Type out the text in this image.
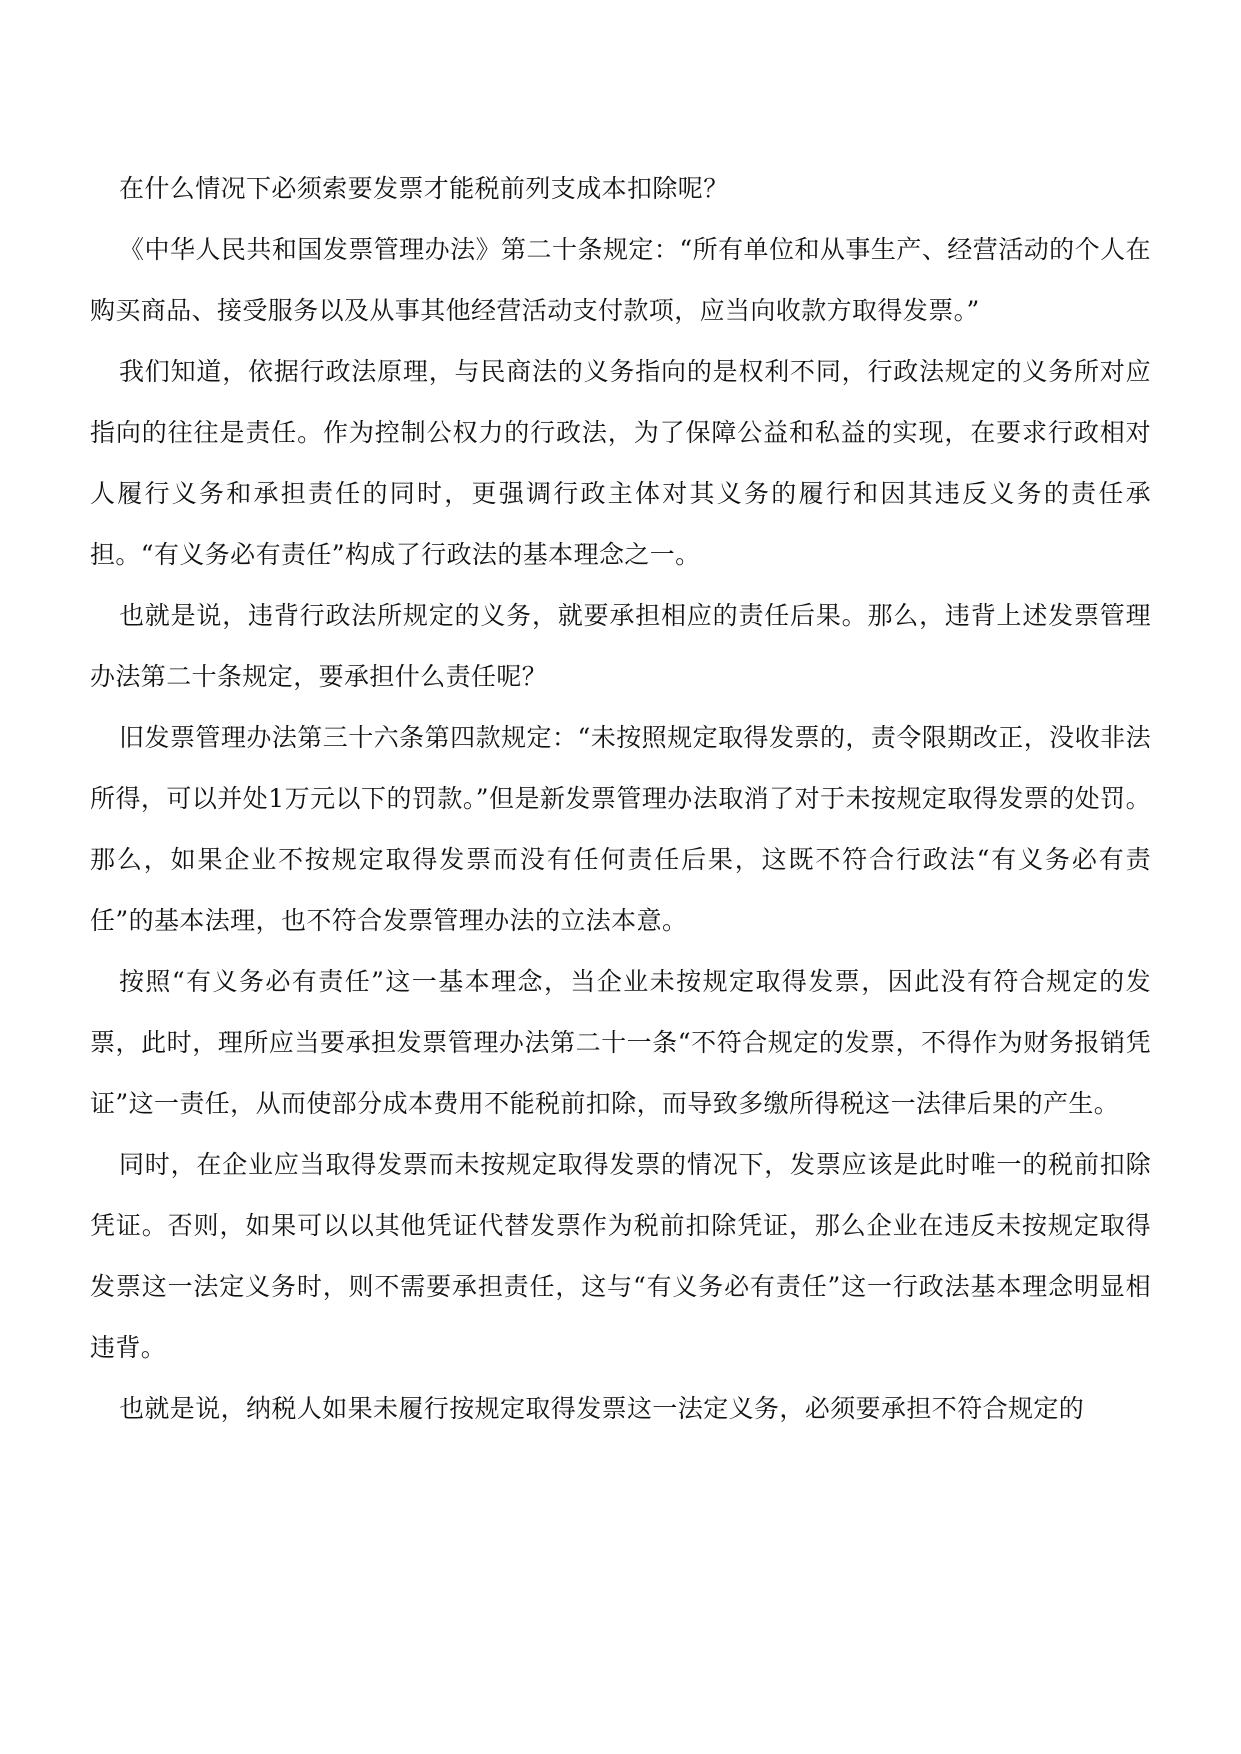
在什么情况下必须索要发票才能税前列支成本扣除呢？

《中华人民共和国发票管理办法》第二十条规定：“所有单位和从事生产、经营活动的个人在购买商品、接受服务以及从事其他经营活动支付款项，应当向收款方取得发票。”

我们知道，依据行政法原理，与民商法的义务指向的是权利不同，行政法规定的义务所对应指向的往往是责任。作为控制公权力的行政法，为了保障公益和私益的实现，在要求行政相对人履行义务和承担责任的同时，更强调行政主体对其义务的履行和因其违反义务的责任承担。“有义务必有责任”构成了行政法的基本理念之一。

也就是说，违背行政法所规定的义务，就要承担相应的责任后果。那么，违背上述发票管理办法第二十条规定，要承担什么责任呢？

旧发票管理办法第三十六条第四款规定：“未按照规定取得发票的，责令限期改正，没收非法所得，可以并处1万元以下的罚款。”但是新发票管理办法取消了对于未按规定取得发票的处罚。那么，如果企业不按规定取得发票而没有任何责任后果，这既不符合行政法“有义务必有责任”的基本法理，也不符合发票管理办法的立法本意。

按照“有义务必有责任”这一基本理念，当企业未按规定取得发票，因此没有符合规定的发票，此时，理所应当要承担发票管理办法第二十一条“不符合规定的发票，不得作为财务报销凭证”这一责任，从而使部分成本费用不能税前扣除，而导致多缴所得税这一法律后果的产生。

同时，在企业应当取得发票而未按规定取得发票的情况下，发票应该是此时唯一的税前扣除凭证。否则，如果可以以其他凭证代替发票作为税前扣除凭证，那么企业在违反未按规定取得发票这一法定义务时，则不需要承担责任，这与“有义务必有责任”这一行政法基本理念明显相违背。

也就是说，纳税人如果未履行按规定取得发票这一法定义务，必须要承担不符合规定的
